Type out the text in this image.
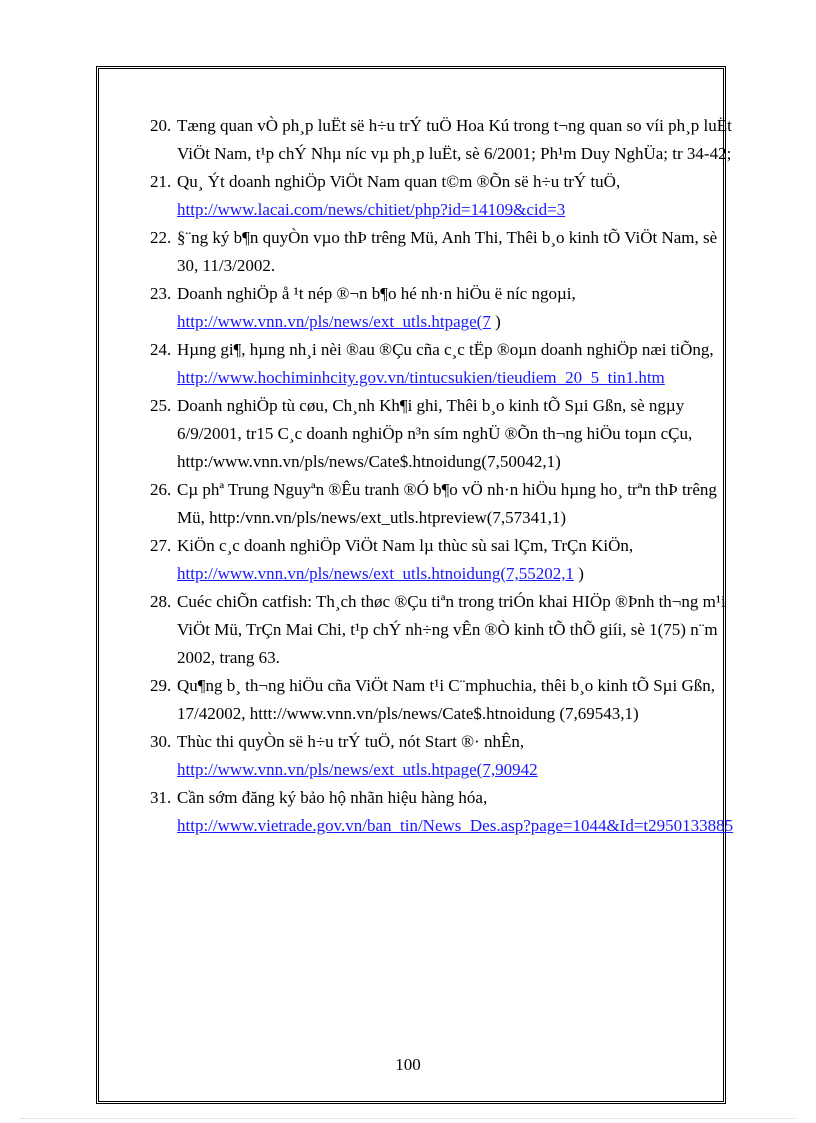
20. Tæng quan vÒ ph¸p luËt së h÷u trÝ tuÖ Hoa Kú trong t¬ng quan so víi ph¸p luËt ViÖt Nam, t¹p chÝ Nhµ níc vµ ph¸p luËt, sè 6/2001; Ph¹m Duy NghÜa; tr 34-42;
21. Qu¸ Ýt doanh nghiÖp ViÖt Nam quan t©m ®Õn së h÷u trÝ tuÖ,
http://www.lacai.com/news/chitiet/php?id=14109&cid=3
22. §¨ng ký b¶n quyÒn vµo thÞ trêng Mü, Anh Thi, Thêi b¸o kinh tÕ ViÖt Nam, sè 30, 11/3/2002.
23. Doanh nghiÖp å ¹t nép ®¬n b¶o hé nh·n hiÖu ë níc ngoµi,
http://www.vnn.vn/pls/news/ext_utls.htpage(7 )
24. Hµng gi¶, hµng nh¸i nèi ®au ®Çu cña c¸c tËp ®oµn doanh nghiÖp næi tiÕng,
http://www.hochiminhcity.gov.vn/tintucsukien/tieudiem_20_5_tin1.htm
25. Doanh nghiÖp tù cøu, Ch¸nh Kh¶i ghi, Thêi b¸o kinh tÕ Sµi Gßn, sè ngµy 6/9/2001, tr15 C¸c doanh nghiÖp n³n sím nghÜ ®Õn th¬ng hiÖu toµn cÇu, http:/www.vnn.vn/pls/news/Cate$.htnoidung(7,50042,1)
26. Cµ phª Trung Nguyªn ®Êu tranh ®Ó b¶o vÖ nh·n hiÖu hµng ho¸ trªn thÞ trêng Mü, http:/vnn.vn/pls/news/ext_utls.htpreview(7,57341,1)
27. KiÖn c¸c doanh nghiÖp ViÖt Nam lµ thùc sù sai lÇm, TrÇn KiÖn,
http://www.vnn.vn/pls/news/ext_utls.htnoidung(7,55202,1 )
28. Cuéc chiÕn catfish: Th¸ch thøc ®Çu tiªn trong triÓn khai HIÖp ®Þnh th¬ng m¹i ViÖt Mü, TrÇn Mai Chi, t¹p chÝ nh÷ng vÊn ®Ò kinh tÕ thÕ giíi, sè 1(75) n¨m 2002, trang 63.
29. Qu¶ng b¸ th¬ng hiÖu cña ViÖt Nam t¹i C¨mphuchia, thêi b¸o kinh tÕ Sµi Gßn, 17/42002, httt://www.vnn.vn/pls/news/Cate$.htnoidung (7,69543,1)
30. Thùc thi quyÒn së h÷u trÝ tuÖ, nót Start ®· nhÊn,
http://www.vnn.vn/pls/news/ext_utls.htpage(7,90942
31. Cần sớm đăng ký bảo hộ nhãn hiệu hàng hóa,
http://www.vietrade.gov.vn/ban_tin/News_Des.asp?page=1044&Id=t2950133885
100
